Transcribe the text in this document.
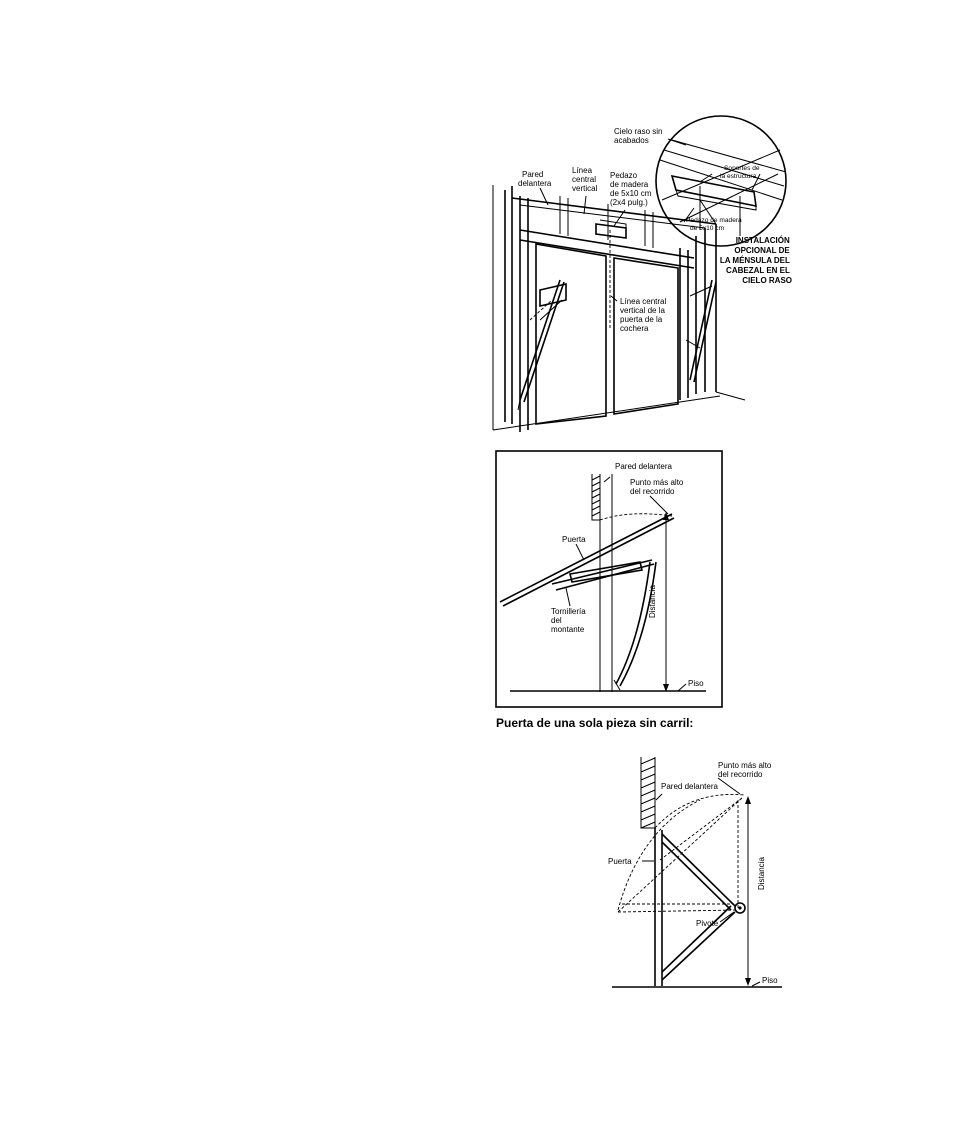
Cielo raso sin acabados
Pared delantera
Línea central vertical
Pedazo de madera de 5x10 cm (2x4 pulg.)
Soportes de la estructura
Pedazo de madera de 5x10 cm
Línea central vertical de la puerta de la cochera
INSTALACIÓN OPCIONAL DE LA MÉNSULA DEL CABEZAL EN EL CIELO RASO
Pared delantera
Punto más alto del recorrido
Puerta
Tornillería del montante
Distancia
Piso
Punto más alto del recorrido
Pared delantera
Puerta	Distancia
Pivote
Piso
Puerta de una sola pieza sin carril:
